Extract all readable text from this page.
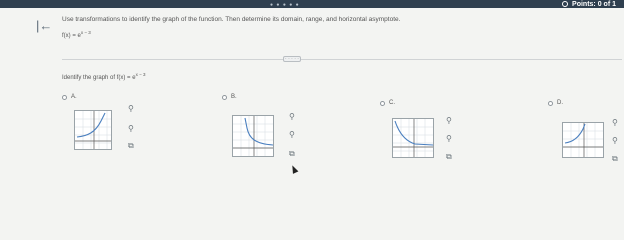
● ● ● ● ●	Points: 0 of 1
|← Use transformations to identify the graph of the function. Then determine its domain, range, and horizontal asymptote.
$f(x) = e^{x - 3}$
· · · · ·
Identify the graph of $f(x) = e^{x - 3}$
A.
⚲
⚲
⧉
B.
⚲
⚲
⧉
C.
⚲
⚲
⧉
D.
⚲
⚲
⧉
